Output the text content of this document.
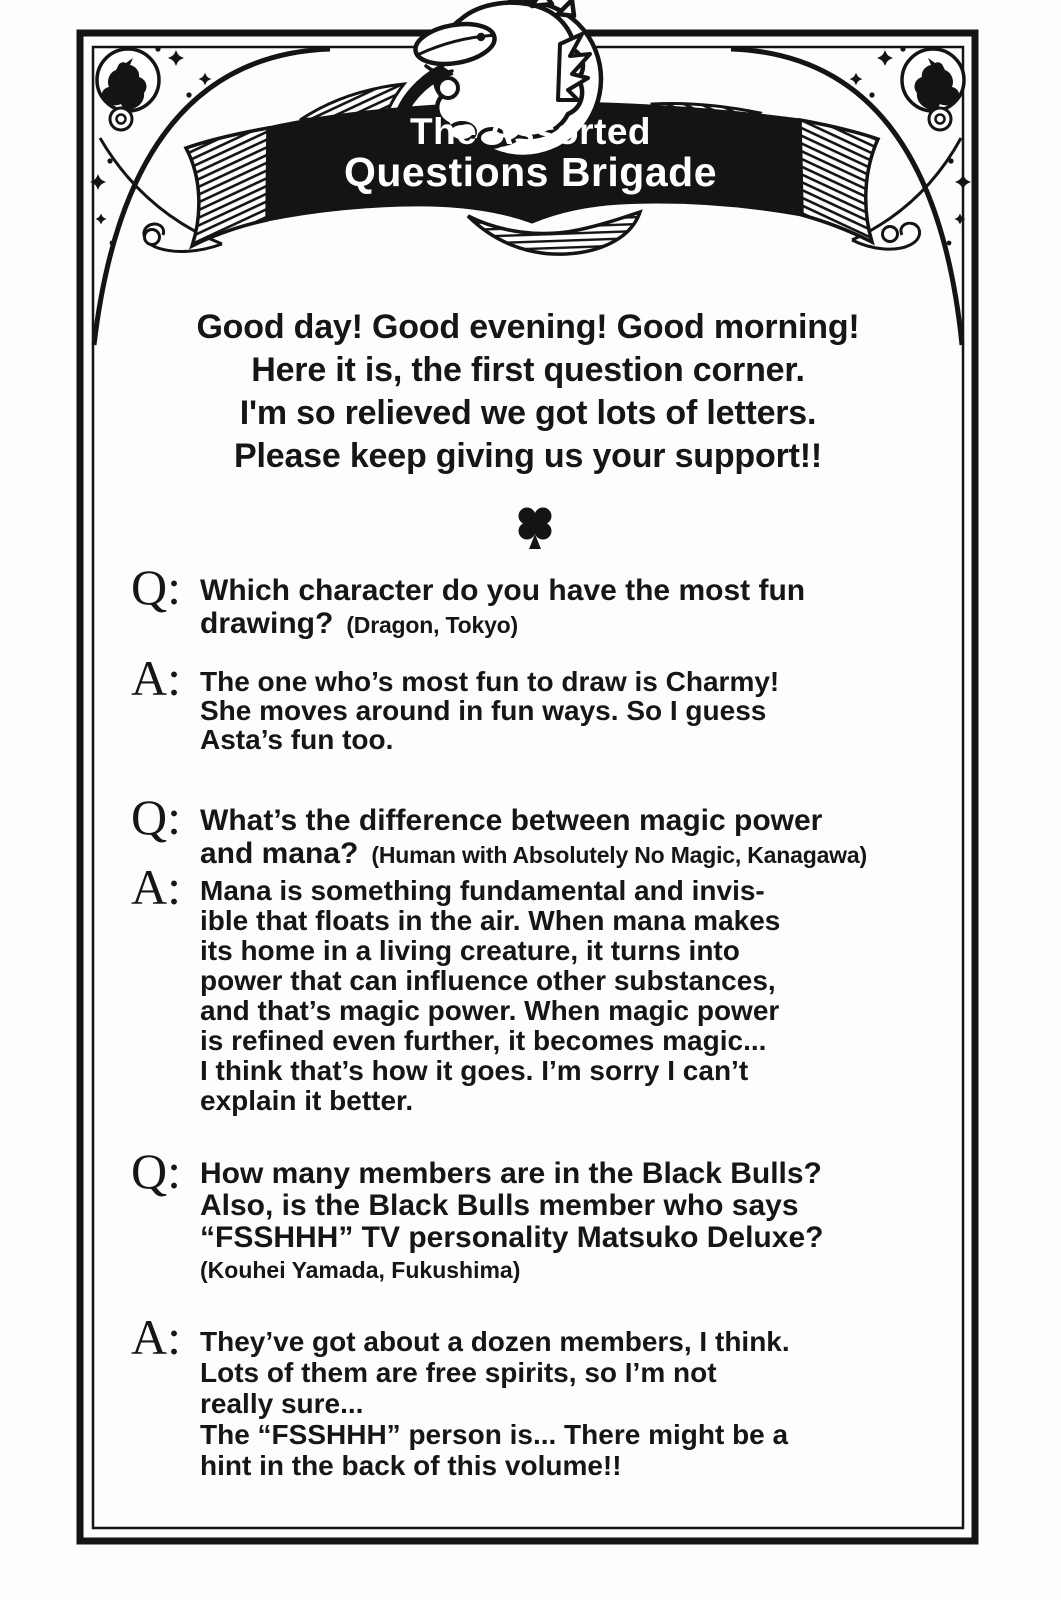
The Assorted
Questions Brigade
Good day! Good evening! Good morning!
Here it is, the first question corner.
I'm so relieved we got lots of letters.
Please keep giving us your support!!
Q: Which character do you have the most fun
drawing? (Dragon, Tokyo)
A: The one who’s most fun to draw is Charmy!
She moves around in fun ways. So I guess
Asta’s fun too.
Q: What’s the difference between magic power
and mana? (Human with Absolutely No Magic, Kanagawa)
A: Mana is something fundamental and invis-
ible that floats in the air. When mana makes
its home in a living creature, it turns into
power that can influence other substances,
and that’s magic power. When magic power
is refined even further, it becomes magic...
I think that’s how it goes. I’m sorry I can’t
explain it better.
Q: How many members are in the Black Bulls?
Also, is the Black Bulls member who says
“FSSHHH” TV personality Matsuko Deluxe?
(Kouhei Yamada, Fukushima)
A: They’ve got about a dozen members, I think.
Lots of them are free spirits, so I’m not
really sure...
The “FSSHHH” person is... There might be a
hint in the back of this volume!!
